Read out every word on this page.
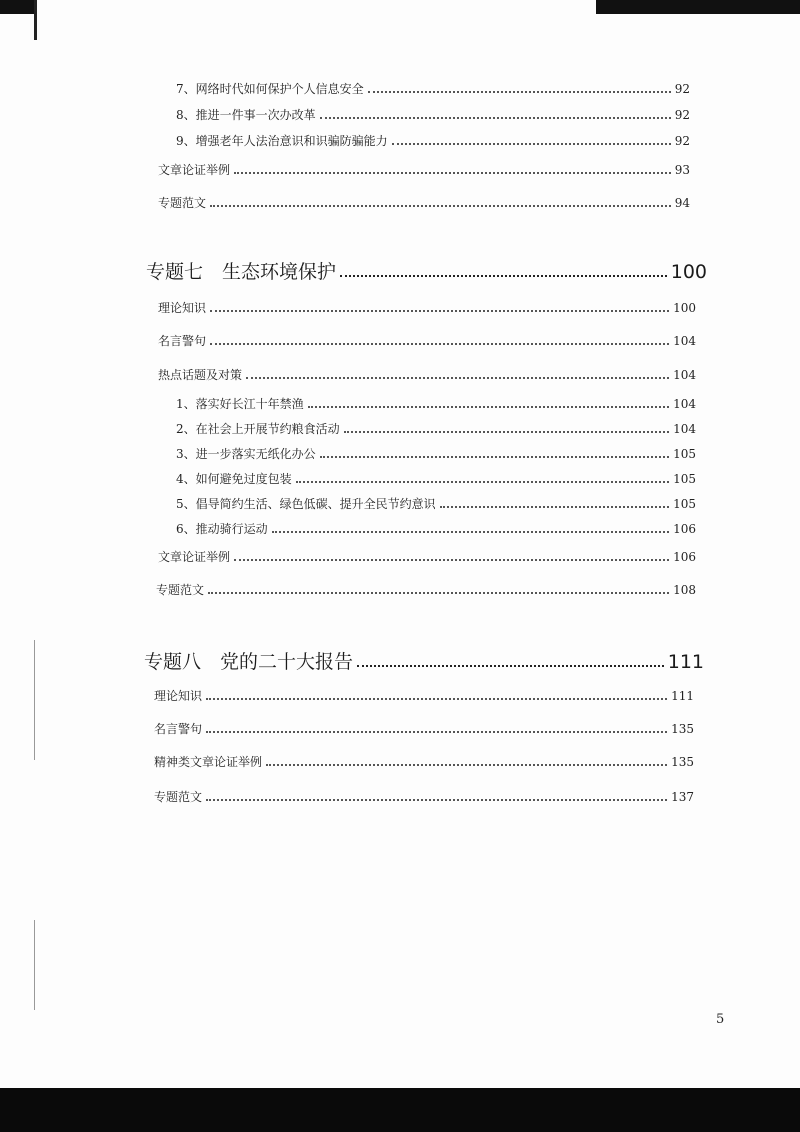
7、网络时代如何保护个人信息安全	92
8、推进一件事一次办改革	92
9、增强老年人法治意识和识骗防骗能力	92
文章论证举例	93
专题范文	94
专题七　生态环境保护	100
理论知识	100
名言警句	104
热点话题及对策	104
1、落实好长江十年禁渔	104
2、在社会上开展节约粮食活动	104
3、进一步落实无纸化办公	105
4、如何避免过度包装	105
5、倡导简约生活、绿色低碳、提升全民节约意识	105
6、推动骑行运动	106
文章论证举例	106
专题范文	108
专题八　党的二十大报告	111
理论知识	111
名言警句	135
精神类文章论证举例	135
专题范文	137
5
